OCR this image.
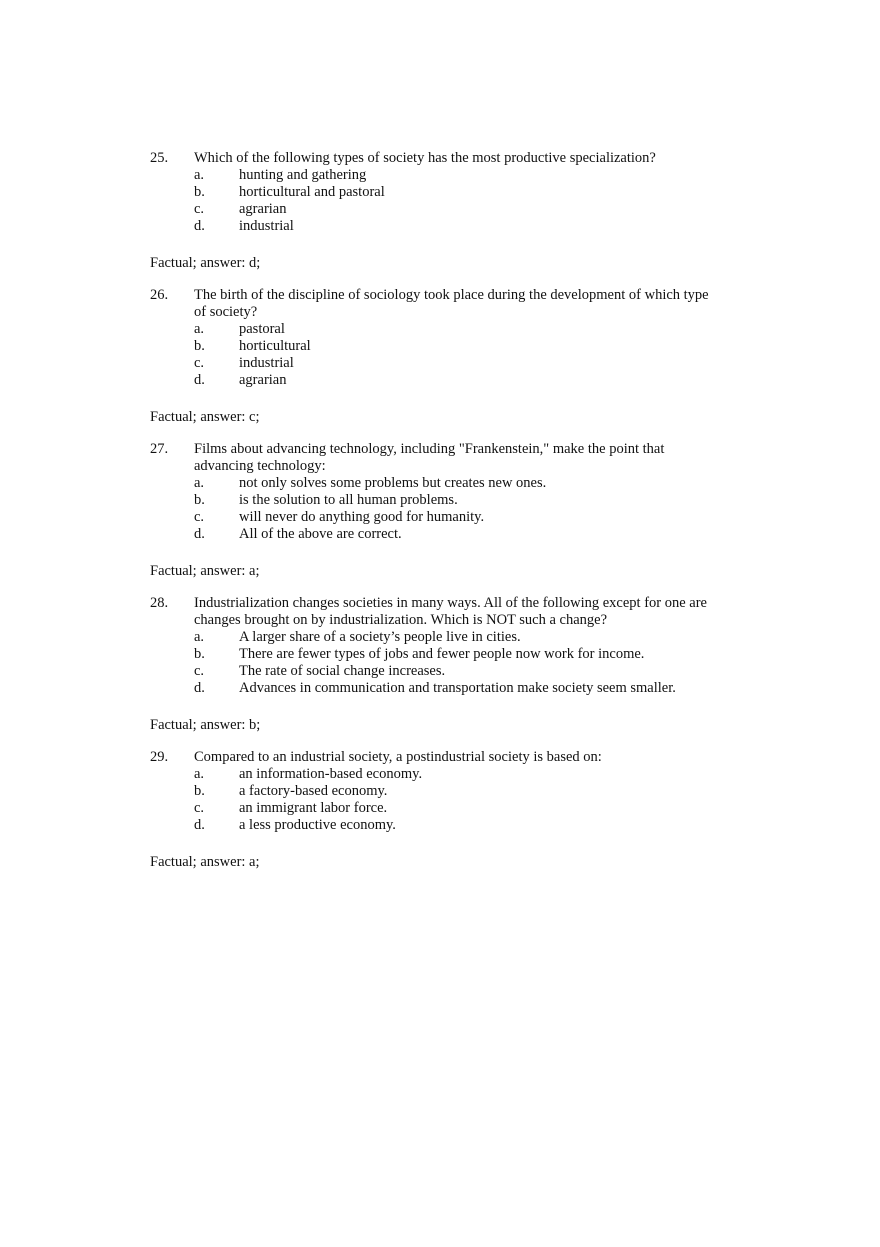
25. Which of the following types of society has the most productive specialization?
a. hunting and gathering
b. horticultural and pastoral
c. agrarian
d. industrial
Factual; answer: d;
26. The birth of the discipline of sociology took place during the development of which type
of society?
a. pastoral
b. horticultural
c. industrial
d. agrarian
Factual; answer: c;
27. Films about advancing technology, including "Frankenstein," make the point that
advancing technology:
a. not only solves some problems but creates new ones.
b. is the solution to all human problems.
c. will never do anything good for humanity.
d. All of the above are correct.
Factual; answer: a;
28. Industrialization changes societies in many ways. All of the following except for one are
changes brought on by industrialization. Which is NOT such a change?
a. A larger share of a society’s people live in cities.
b. There are fewer types of jobs and fewer people now work for income.
c. The rate of social change increases.
d. Advances in communication and transportation make society seem smaller.
Factual; answer: b;
29. Compared to an industrial society, a postindustrial society is based on:
a. an information-based economy.
b. a factory-based economy.
c. an immigrant labor force.
d. a less productive economy.
Factual; answer: a;
